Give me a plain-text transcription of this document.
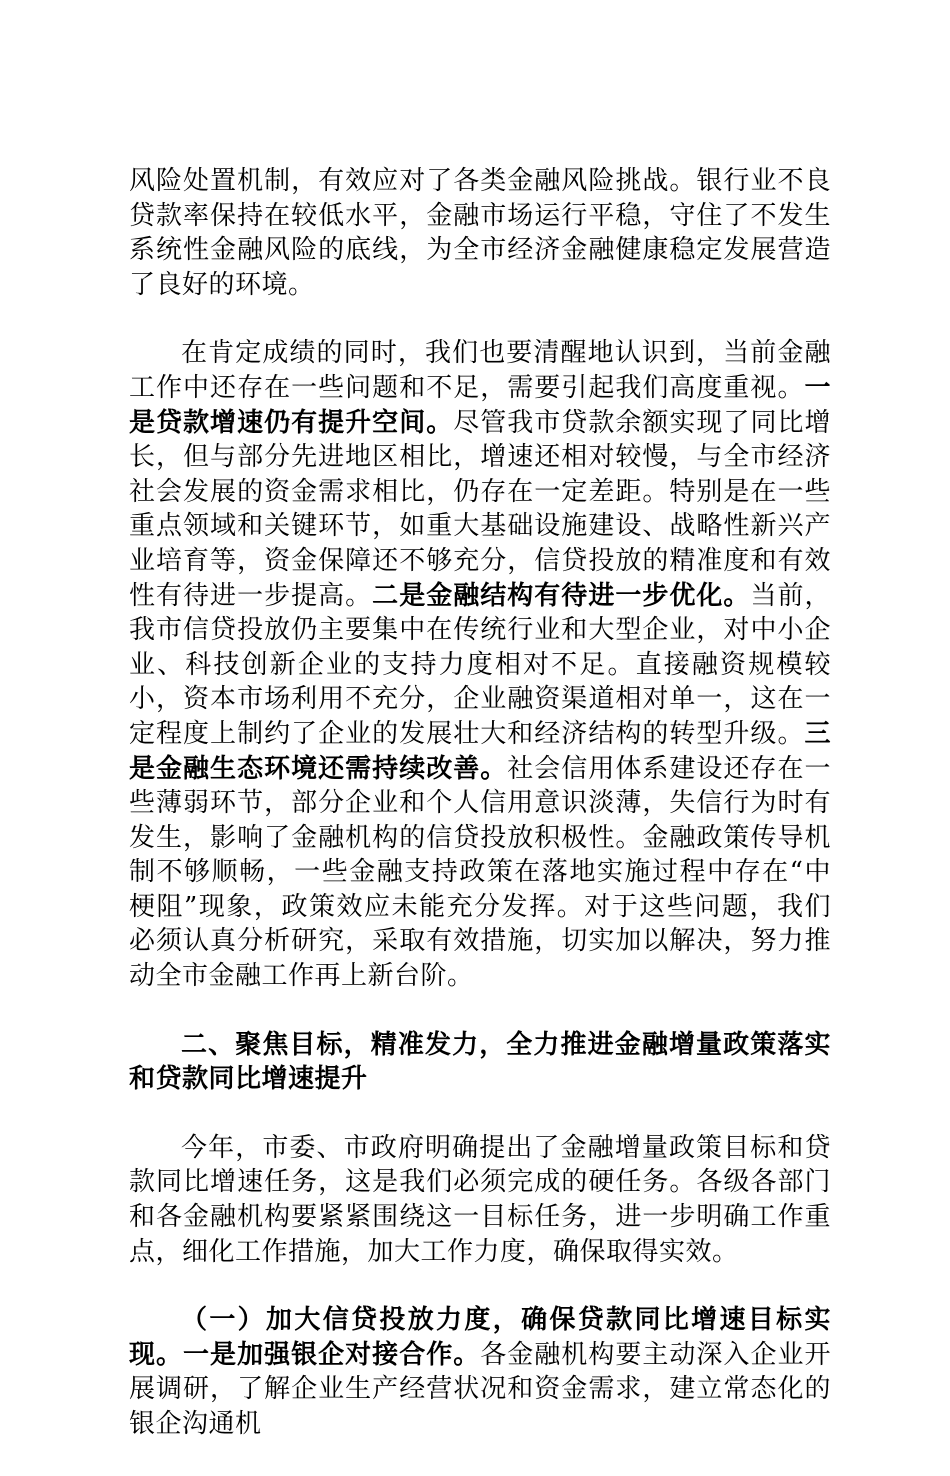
风险处置机制，有效应对了各类金融风险挑战。银行业不良贷款率保持在较低水平，金融市场运行平稳，守住了不发生系统性金融风险的底线，为全市经济金融健康稳定发展营造了良好的环境。

在肯定成绩的同时，我们也要清醒地认识到，当前金融工作中还存在一些问题和不足，需要引起我们高度重视。一是贷款增速仍有提升空间。尽管我市贷款余额实现了同比增长，但与部分先进地区相比，增速还相对较慢，与全市经济社会发展的资金需求相比，仍存在一定差距。特别是在一些重点领域和关键环节，如重大基础设施建设、战略性新兴产业培育等，资金保障还不够充分，信贷投放的精准度和有效性有待进一步提高。二是金融结构有待进一步优化。当前，我市信贷投放仍主要集中在传统行业和大型企业，对中小企业、科技创新企业的支持力度相对不足。直接融资规模较小，资本市场利用不充分，企业融资渠道相对单一，这在一定程度上制约了企业的发展壮大和经济结构的转型升级。三是金融生态环境还需持续改善。社会信用体系建设还存在一些薄弱环节，部分企业和个人信用意识淡薄，失信行为时有发生，影响了金融机构的信贷投放积极性。金融政策传导机制不够顺畅，一些金融支持政策在落地实施过程中存在“中梗阻”现象，政策效应未能充分发挥。对于这些问题，我们必须认真分析研究，采取有效措施，切实加以解决，努力推动全市金融工作再上新台阶。

二、聚焦目标，精准发力，全力推进金融增量政策落实和贷款同比增速提升

今年，市委、市政府明确提出了金融增量政策目标和贷款同比增速任务，这是我们必须完成的硬任务。各级各部门和各金融机构要紧紧围绕这一目标任务，进一步明确工作重点，细化工作措施，加大工作力度，确保取得实效。

（一）加大信贷投放力度，确保贷款同比增速目标实现。一是加强银企对接合作。各金融机构要主动深入企业开展调研，了解企业生产经营状况和资金需求，建立常态化的银企沟通机
